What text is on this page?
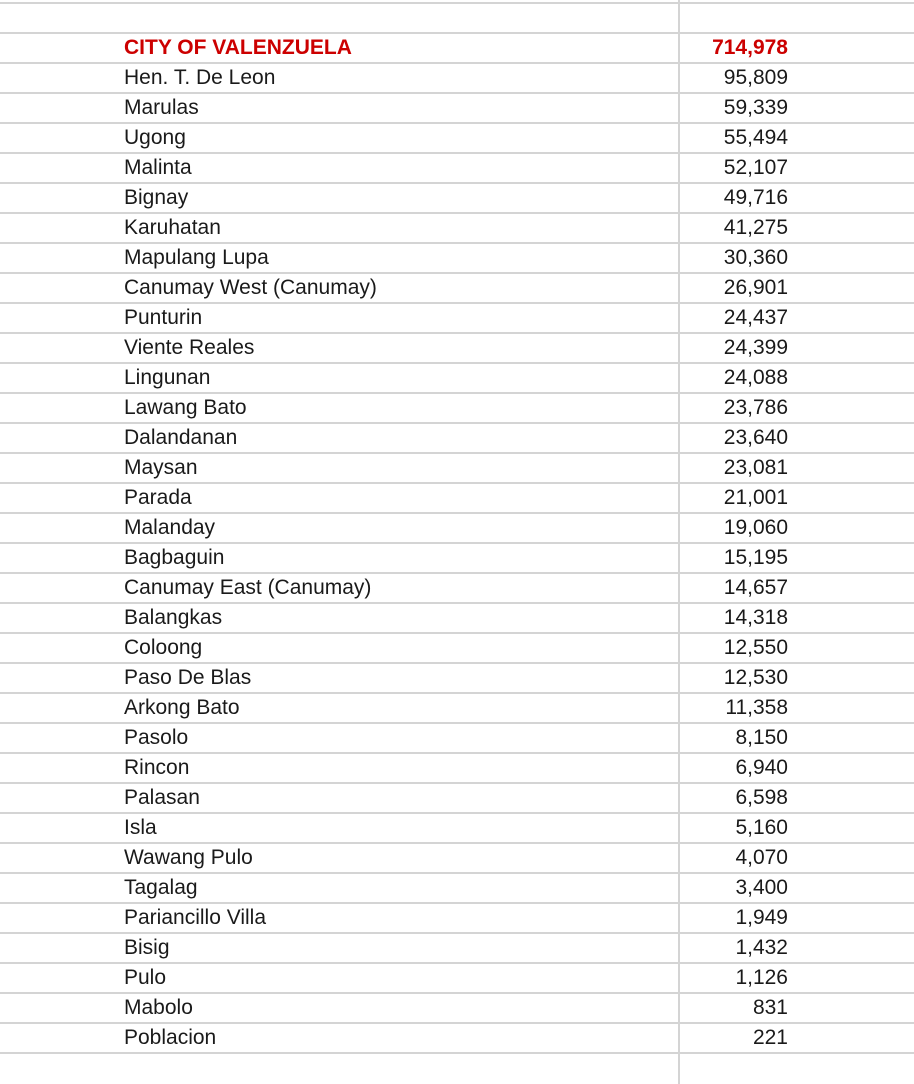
CITY OF VALENZUELA	714,978
Hen. T. De Leon	95,809
Marulas	59,339
Ugong	55,494
Malinta	52,107
Bignay	49,716
Karuhatan	41,275
Mapulang Lupa	30,360
Canumay West (Canumay)	26,901
Punturin	24,437
Viente Reales	24,399
Lingunan	24,088
Lawang Bato	23,786
Dalandanan	23,640
Maysan	23,081
Parada	21,001
Malanday	19,060
Bagbaguin	15,195
Canumay East (Canumay)	14,657
Balangkas	14,318
Coloong	12,550
Paso De Blas	12,530
Arkong Bato	11,358
Pasolo	8,150
Rincon	6,940
Palasan	6,598
Isla	5,160
Wawang Pulo	4,070
Tagalag	3,400
Pariancillo Villa	1,949
Bisig	1,432
Pulo	1,126
Mabolo	831
Poblacion	221
